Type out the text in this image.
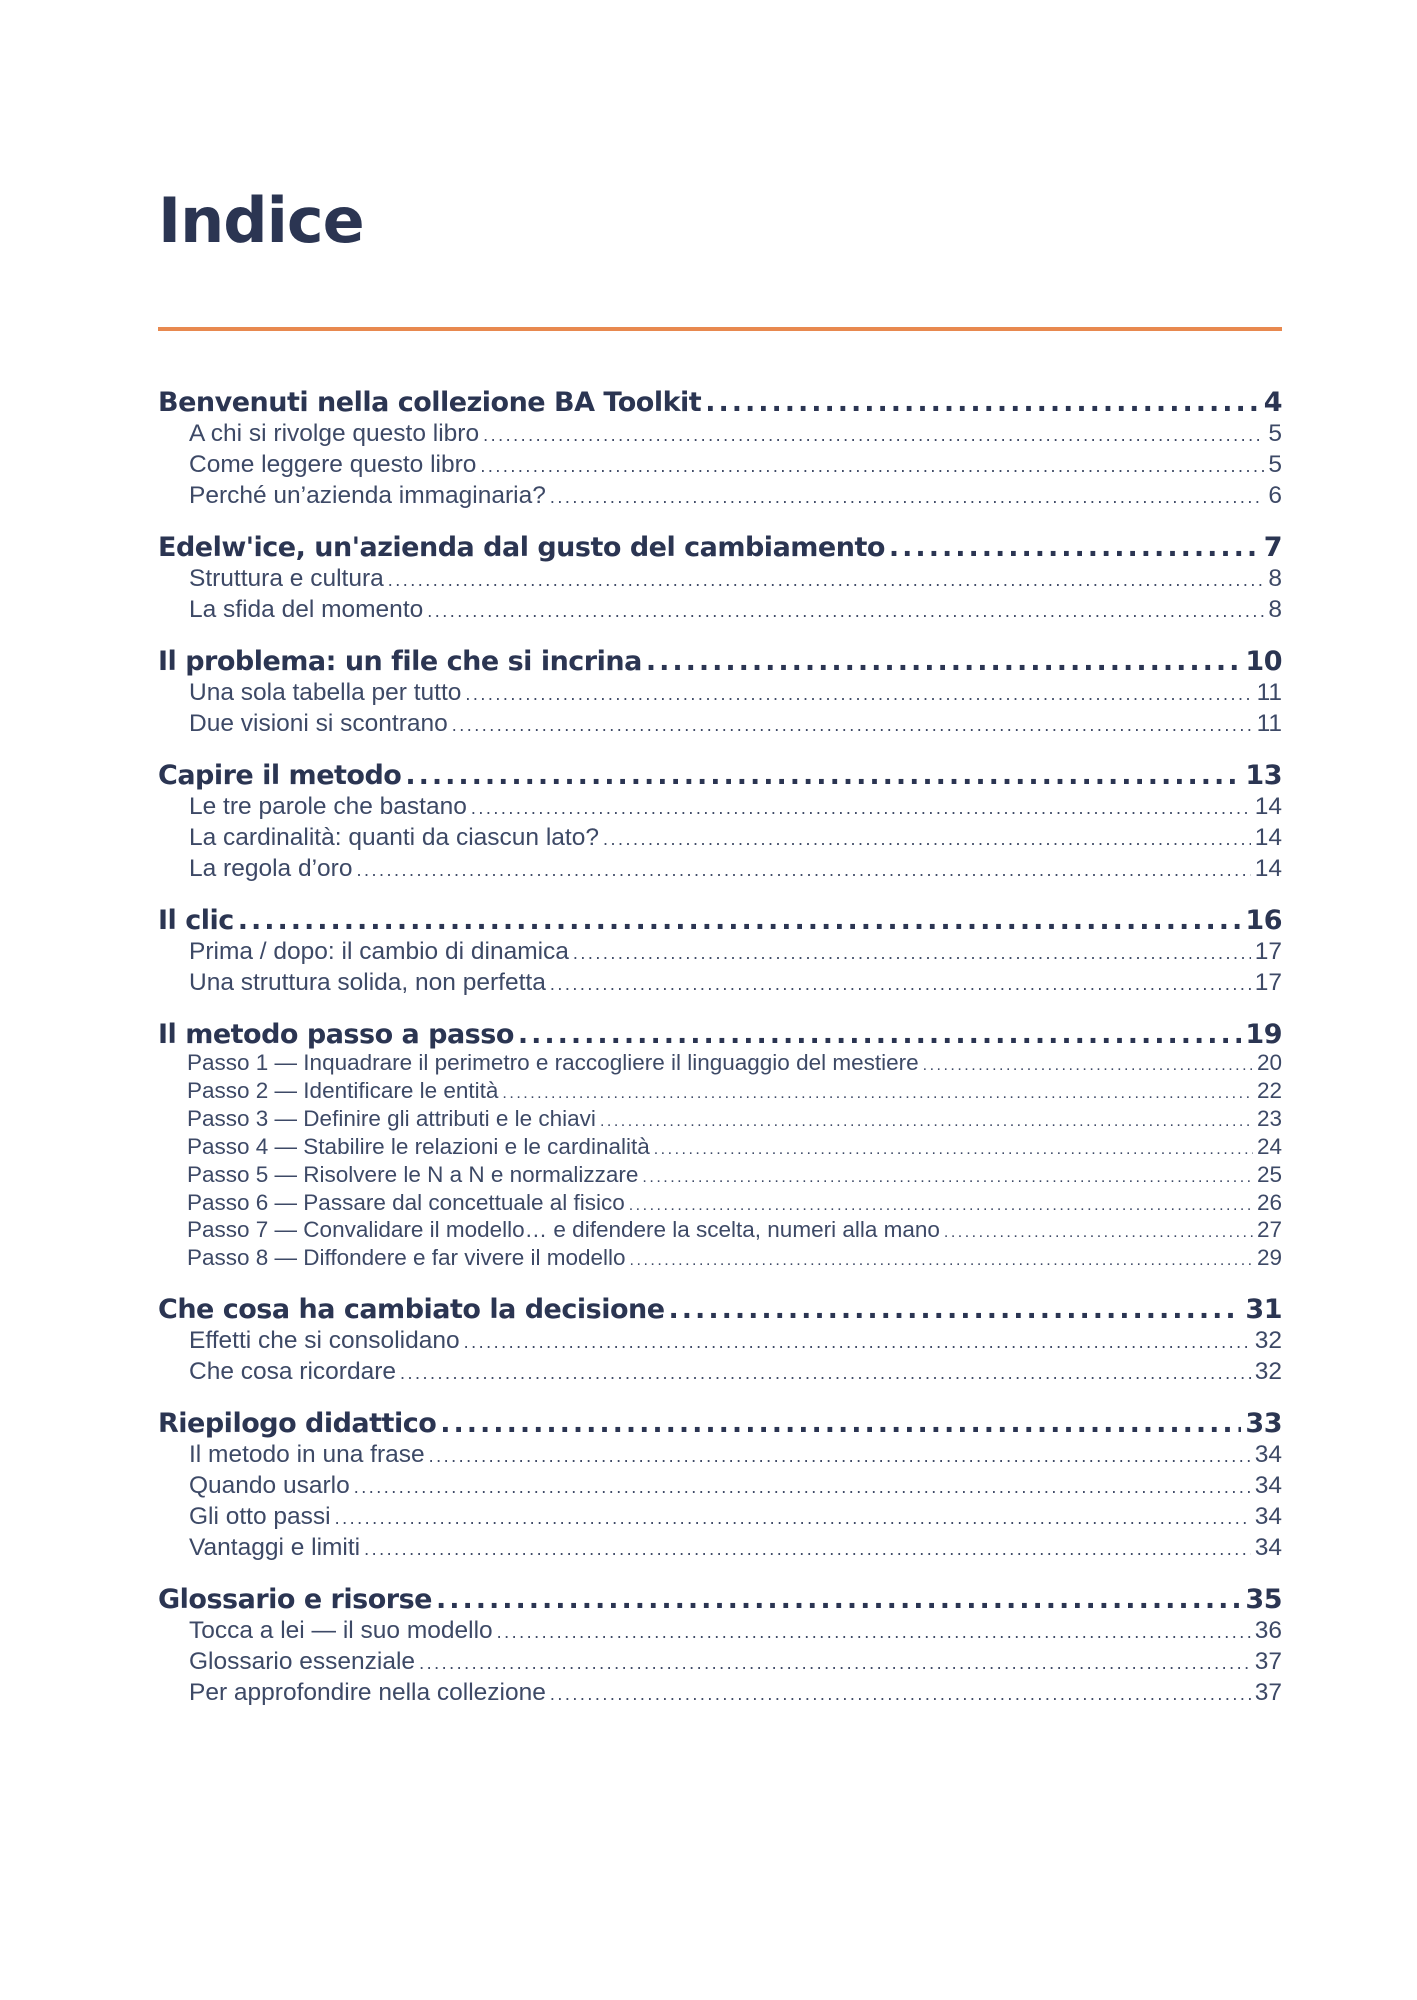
Indice
Benvenuti nella collezione BA Toolkit .....	4
A chi si rivolge questo libro .....	5
Come leggere questo libro .....	5
Perché un’azienda immaginaria? .....	6
Edelw'ice, un'azienda dal gusto del cambiamento .....	7
Struttura e cultura .....	8
La sfida del momento .....	8
Il problema: un file che si incrina .....	10
Una sola tabella per tutto .....	11
Due visioni si scontrano .....	11
Capire il metodo .....	13
Le tre parole che bastano .....	14
La cardinalità: quanti da ciascun lato? .....	14
La regola d’oro .....	14
Il clic .....	16
Prima / dopo: il cambio di dinamica .....	17
Una struttura solida, non perfetta .....	17
Il metodo passo a passo .....	19
Passo 1 — Inquadrare il perimetro e raccogliere il linguaggio del mestiere .....	20
Passo 2 — Identificare le entità .....	22
Passo 3 — Definire gli attributi e le chiavi .....	23
Passo 4 — Stabilire le relazioni e le cardinalità .....	24
Passo 5 — Risolvere le N a N e normalizzare .....	25
Passo 6 — Passare dal concettuale al fisico .....	26
Passo 7 — Convalidare il modello… e difendere la scelta, numeri alla mano .....	27
Passo 8 — Diffondere e far vivere il modello .....	29
Che cosa ha cambiato la decisione .....	31
Effetti che si consolidano .....	32
Che cosa ricordare .....	32
Riepilogo didattico .....	33
Il metodo in una frase .....	34
Quando usarlo .....	34
Gli otto passi .....	34
Vantaggi e limiti .....	34
Glossario e risorse .....	35
Tocca a lei — il suo modello .....	36
Glossario essenziale .....	37
Per approfondire nella collezione .....	37
